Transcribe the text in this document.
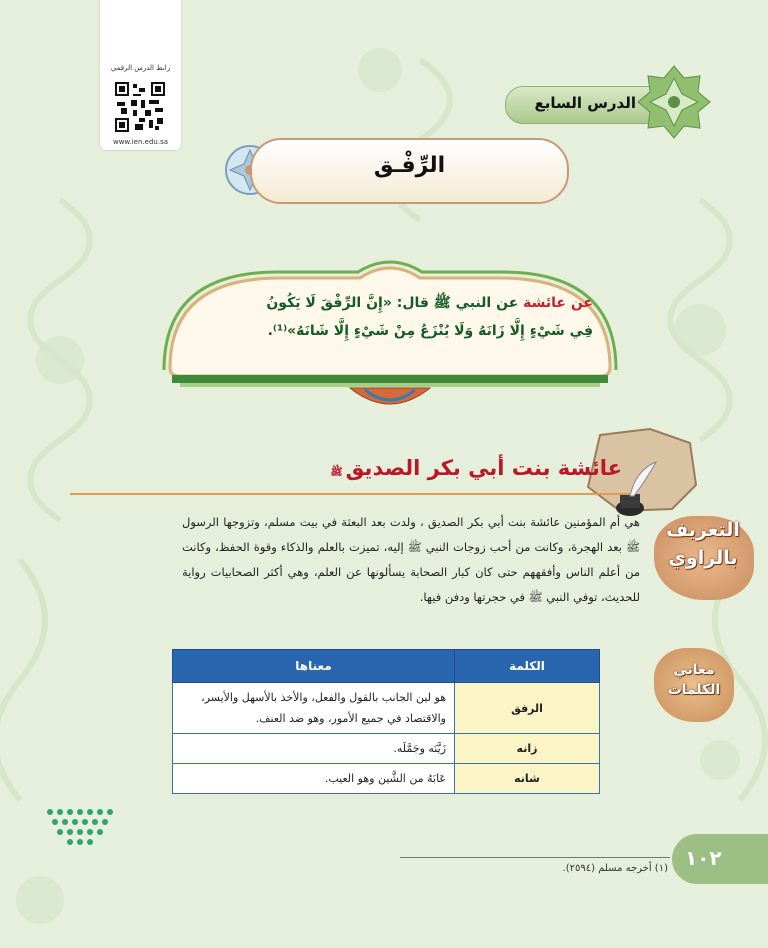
رابط الدرس الرقمي
www.ien.edu.sa
الدرس السابع
الرِّفْـق
عن عائشة عن النبي ﷺ قال: «إِنَّ الرِّفْقَ لَا يَكُونُ
فِي شَيْءٍ إِلَّا زَانَهُ وَلَا يُنْزَعُ مِنْ شَيْءٍ إِلَّا شَانَهُ»⁽¹⁾.
عائشة بنت أبي بكر الصديقﷺ
التعريف
بالراوي
هي أم المؤمنين عائشة بنت أبي بكر الصديق ، ولدت بعد البعثة في بيت مسلم، وتزوجها الرسول ﷺ بعد الهجرة، وكانت من أحب زوجات النبي ﷺ إليه، تميزت بالعلم والذكاء وقوة الحفظ، وكانت من أعلم الناس وأفقههم حتى كان كبار الصحابة يسألونها عن العلم، وهي أكثر الصحابيات رواية للحديث، توفي النبي ﷺ في حجرتها ودفن فيها.
معاني
الكلمات
الكلمة	معناها
الرفق	هو لين الجانب بالقول والفعل، والأخذ بالأسهل والأيسر، والاقتصاد في جميع الأمور، وهو ضد العنف.
زانه	زَيَّنَه وجَمَّلَه.
شانه	عَابَهُ من الشَّين وهو العيب.
(١) أخرجه مسلم (٢٥٩٤). ١٠٢
